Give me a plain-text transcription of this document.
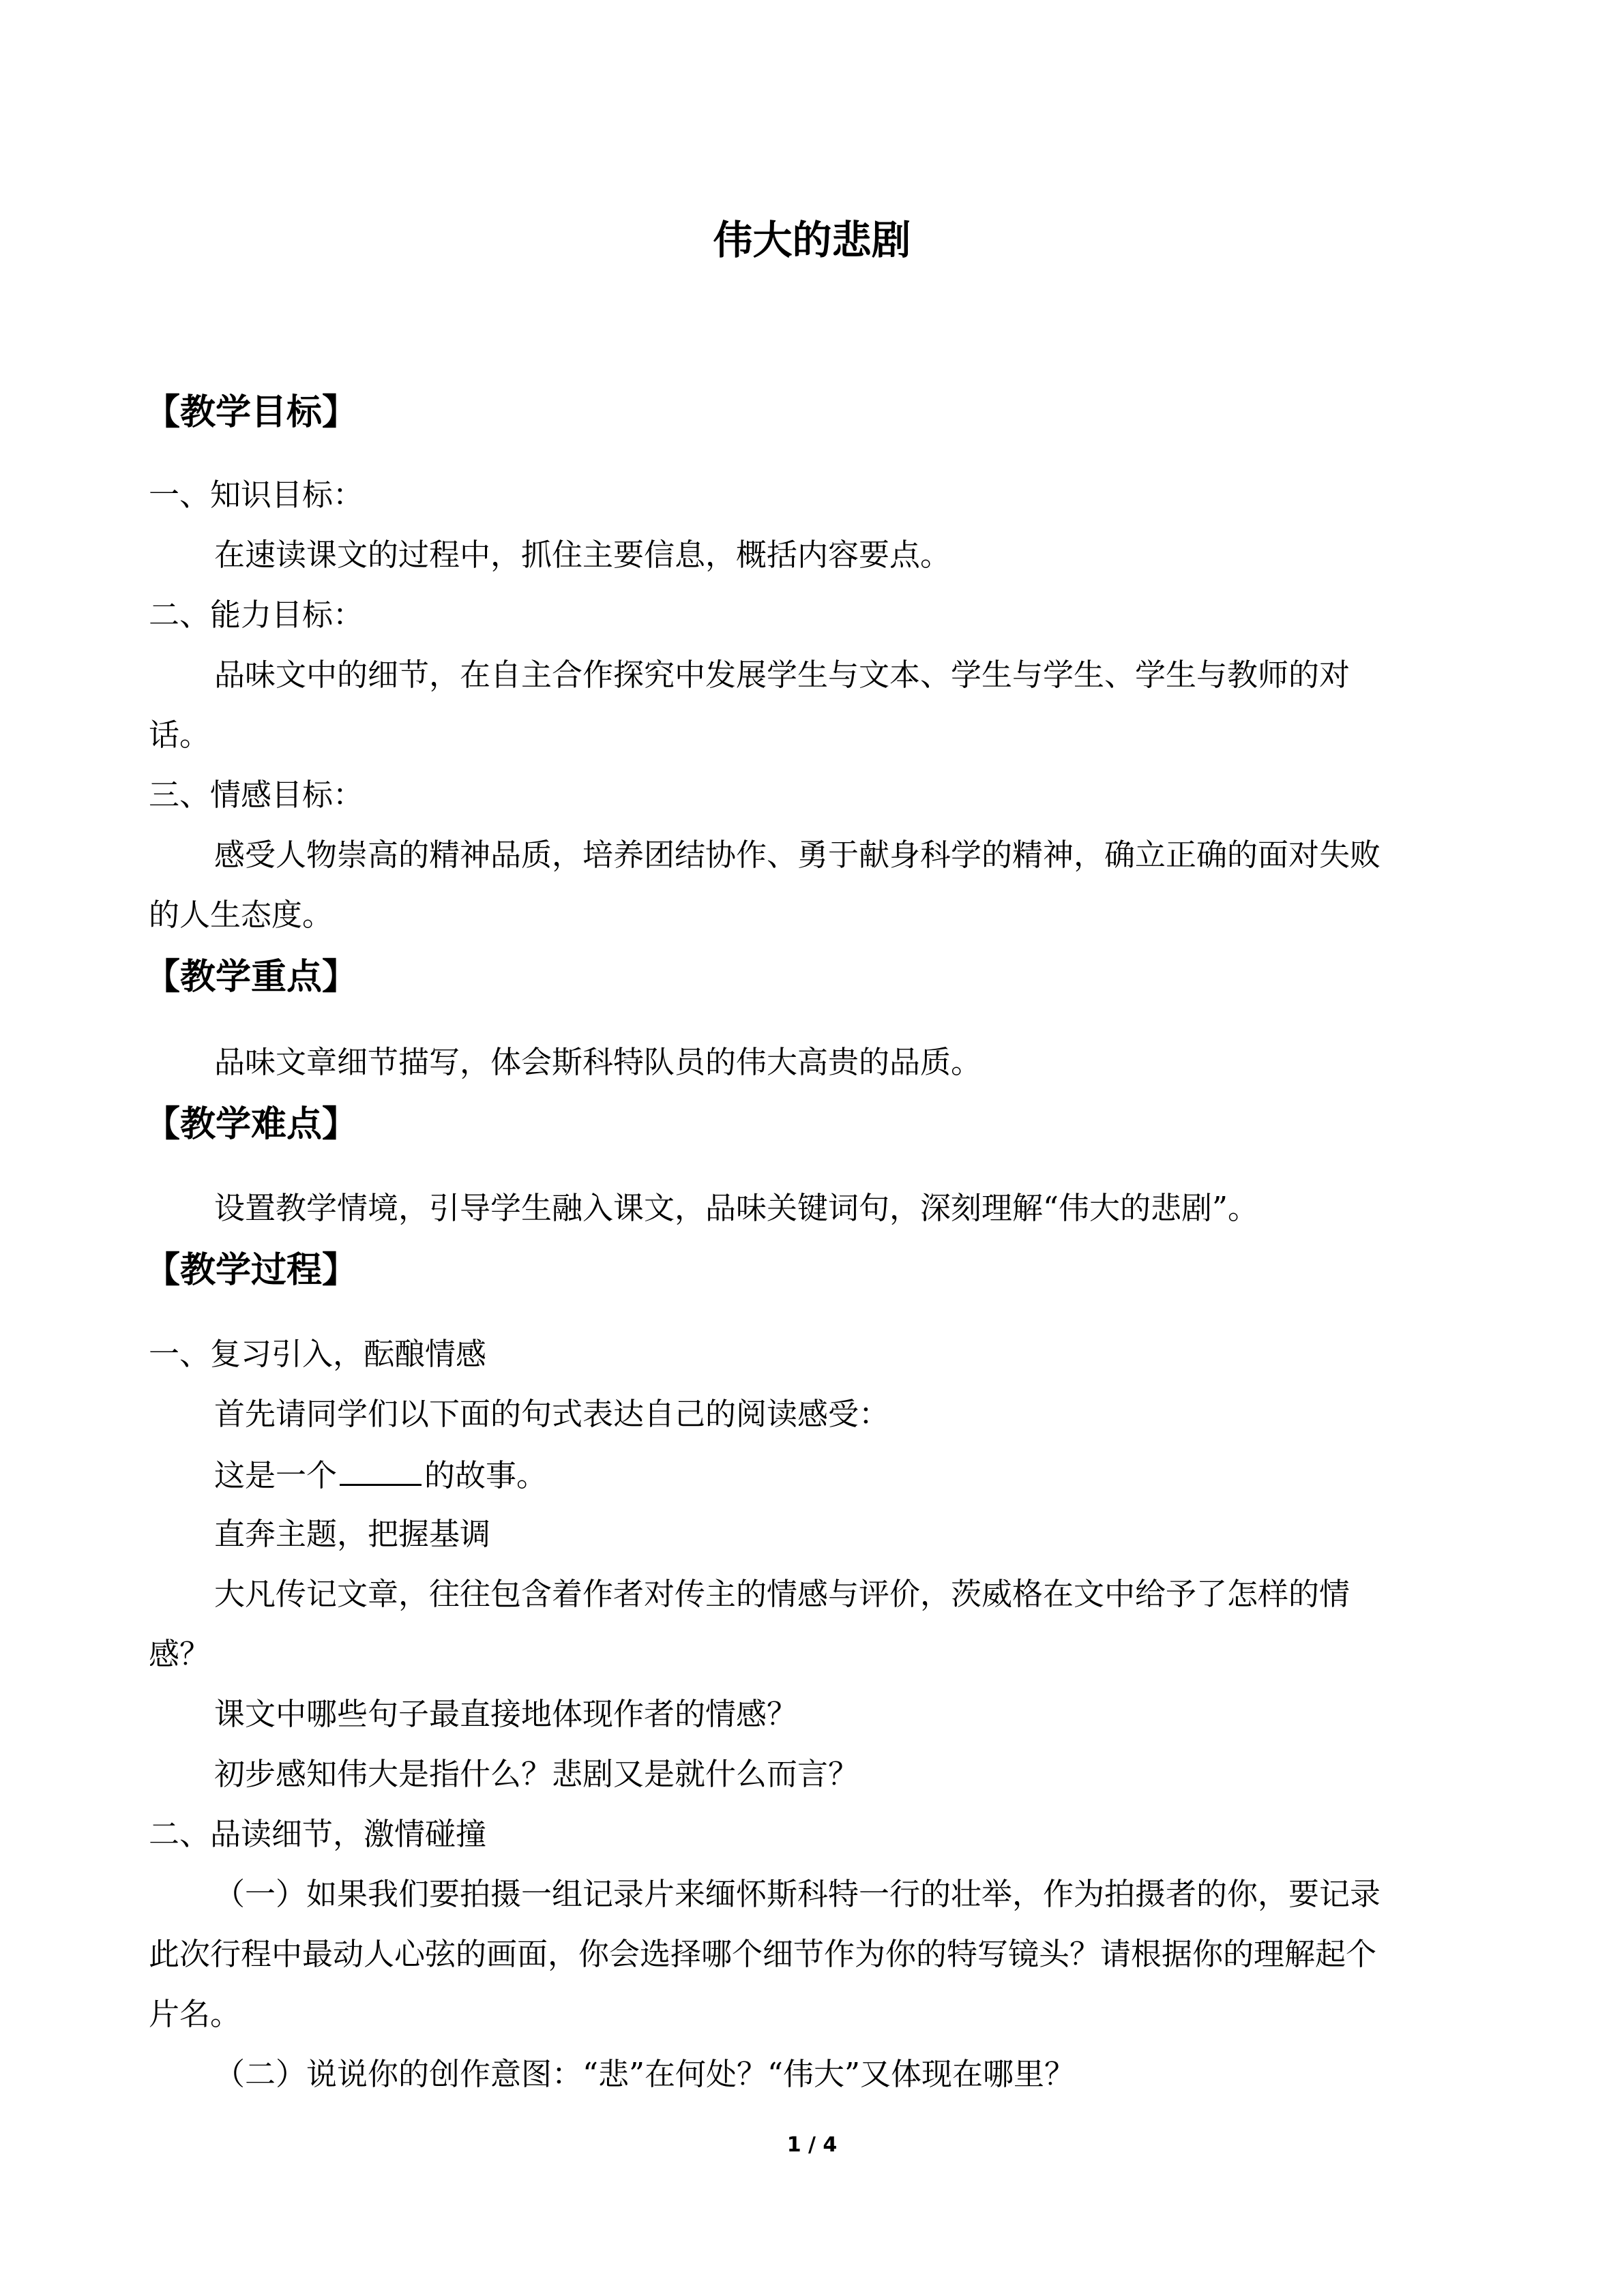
伟大的悲剧
【教学目标】
一、知识目标：
在速读课文的过程中，抓住主要信息，概括内容要点。
二、能力目标：
品味文中的细节，在自主合作探究中发展学生与文本、学生与学生、学生与教师的对
话。
三、情感目标：
感受人物崇高的精神品质，培养团结协作、勇于献身科学的精神，确立正确的面对失败
的人生态度。
【教学重点】
品味文章细节描写，体会斯科特队员的伟大高贵的品质。
【教学难点】
设置教学情境，引导学生融入课文，品味关键词句，深刻理解“伟大的悲剧”。
【教学过程】
一、复习引入，酝酿情感
首先请同学们以下面的句式表达自己的阅读感受：
这是一个	的故事。
直奔主题，把握基调
大凡传记文章，往往包含着作者对传主的情感与评价，茨威格在文中给予了怎样的情
感？
课文中哪些句子最直接地体现作者的情感？
初步感知伟大是指什么？悲剧又是就什么而言？
二、品读细节，激情碰撞
（一）如果我们要拍摄一组记录片来缅怀斯科特一行的壮举，作为拍摄者的你，要记录
此次行程中最动人心弦的画面，你会选择哪个细节作为你的特写镜头？请根据你的理解起个
片名。
（二）说说你的创作意图：“悲”在何处？“伟大”又体现在哪里？
1 / 4
